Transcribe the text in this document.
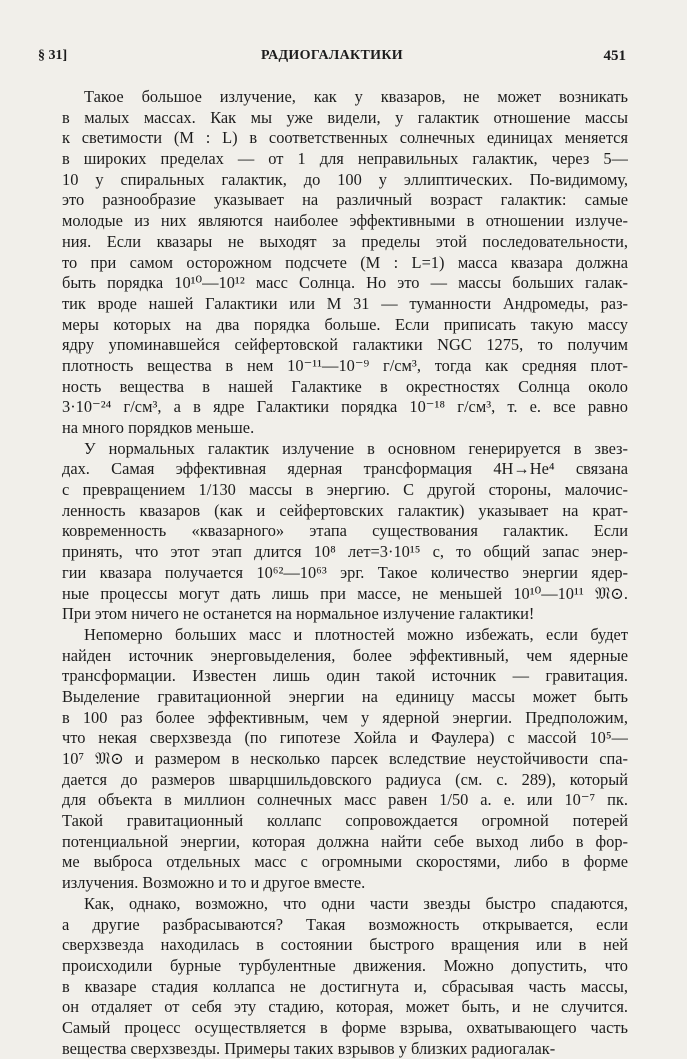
§ 31]	РАДИОГАЛАКТИКИ	451
Такое большое излучение, как у квазаров, не может возникать
в малых массах. Как мы уже видели, у галактик отношение массы
к светимости (M : L) в соответственных солнечных единицах меняется
в широких пределах — от 1 для неправильных галактик, через 5—
10 у спиральных галактик, до 100 у эллиптических. По-видимому,
это разнообразие указывает на различный возраст галактик: самые
молодые из них являются наиболее эффективными в отношении излуче-
ния. Если квазары не выходят за пределы этой последовательности,
то при самом осторожном подсчете (M : L=1) масса квазара должна
быть порядка 10¹⁰—10¹² масс Солнца. Но это — массы больших галак-
тик вроде нашей Галактики или M 31 — туманности Андромеды, раз-
меры которых на два порядка больше. Если приписать такую массу
ядру упоминавшейся сейфертовской галактики NGC 1275, то получим
плотность вещества в нем 10⁻¹¹—10⁻⁹ г/см³, тогда как средняя плот-
ность вещества в нашей Галактике в окрестностях Солнца около
3·10⁻²⁴ г/см³, а в ядре Галактики порядка 10⁻¹⁸ г/см³, т. е. все равно
на много порядков меньше.
У нормальных галактик излучение в основном генерируется в звез-
дах. Самая эффективная ядерная трансформация 4H→He⁴ связана
с превращением 1/130 массы в энергию. С другой стороны, малочис-
ленность квазаров (как и сейфертовских галактик) указывает на крат-
ковременность «квазарного» этапа существования галактик. Если
принять, что этот этап длится 10⁸ лет=3·10¹⁵ с, то общий запас энер-
гии квазара получается 10⁶²—10⁶³ эрг. Такое количество энергии ядер-
ные процессы могут дать лишь при массе, не меньшей 10¹⁰—10¹¹ 𝔐⊙.
При этом ничего не останется на нормальное излучение галактики!
Непомерно больших масс и плотностей можно избежать, если будет
найден источник энерговыделения, более эффективный, чем ядерные
трансформации. Известен лишь один такой источник — гравитация.
Выделение гравитационной энергии на единицу массы может быть
в 100 раз более эффективным, чем у ядерной энергии. Предположим,
что некая сверхзвезда (по гипотезе Хойла и Фаулера) с массой 10⁵—
10⁷ 𝔐⊙ и размером в несколько парсек вследствие неустойчивости спа-
дается до размеров шварцшильдовского радиуса (см. с. 289), который
для объекта в миллион солнечных масс равен 1/50 а. е. или 10⁻⁷ пк.
Такой гравитационный коллапс сопровождается огромной потерей
потенциальной энергии, которая должна найти себе выход либо в фор-
ме выброса отдельных масс с огромными скоростями, либо в форме
излучения. Возможно и то и другое вместе.
Как, однако, возможно, что одни части звезды быстро спадаются,
а другие разбрасываются? Такая возможность открывается, если
сверхзвезда находилась в состоянии быстрого вращения или в ней
происходили бурные турбулентные движения. Можно допустить, что
в квазаре стадия коллапса не достигнута и, сбрасывая часть массы,
он отдаляет от себя эту стадию, которая, может быть, и не случится.
Самый процесс осуществляется в форме взрыва, охватывающего часть
вещества сверхзвезды. Примеры таких взрывов у близких радиогалак-
